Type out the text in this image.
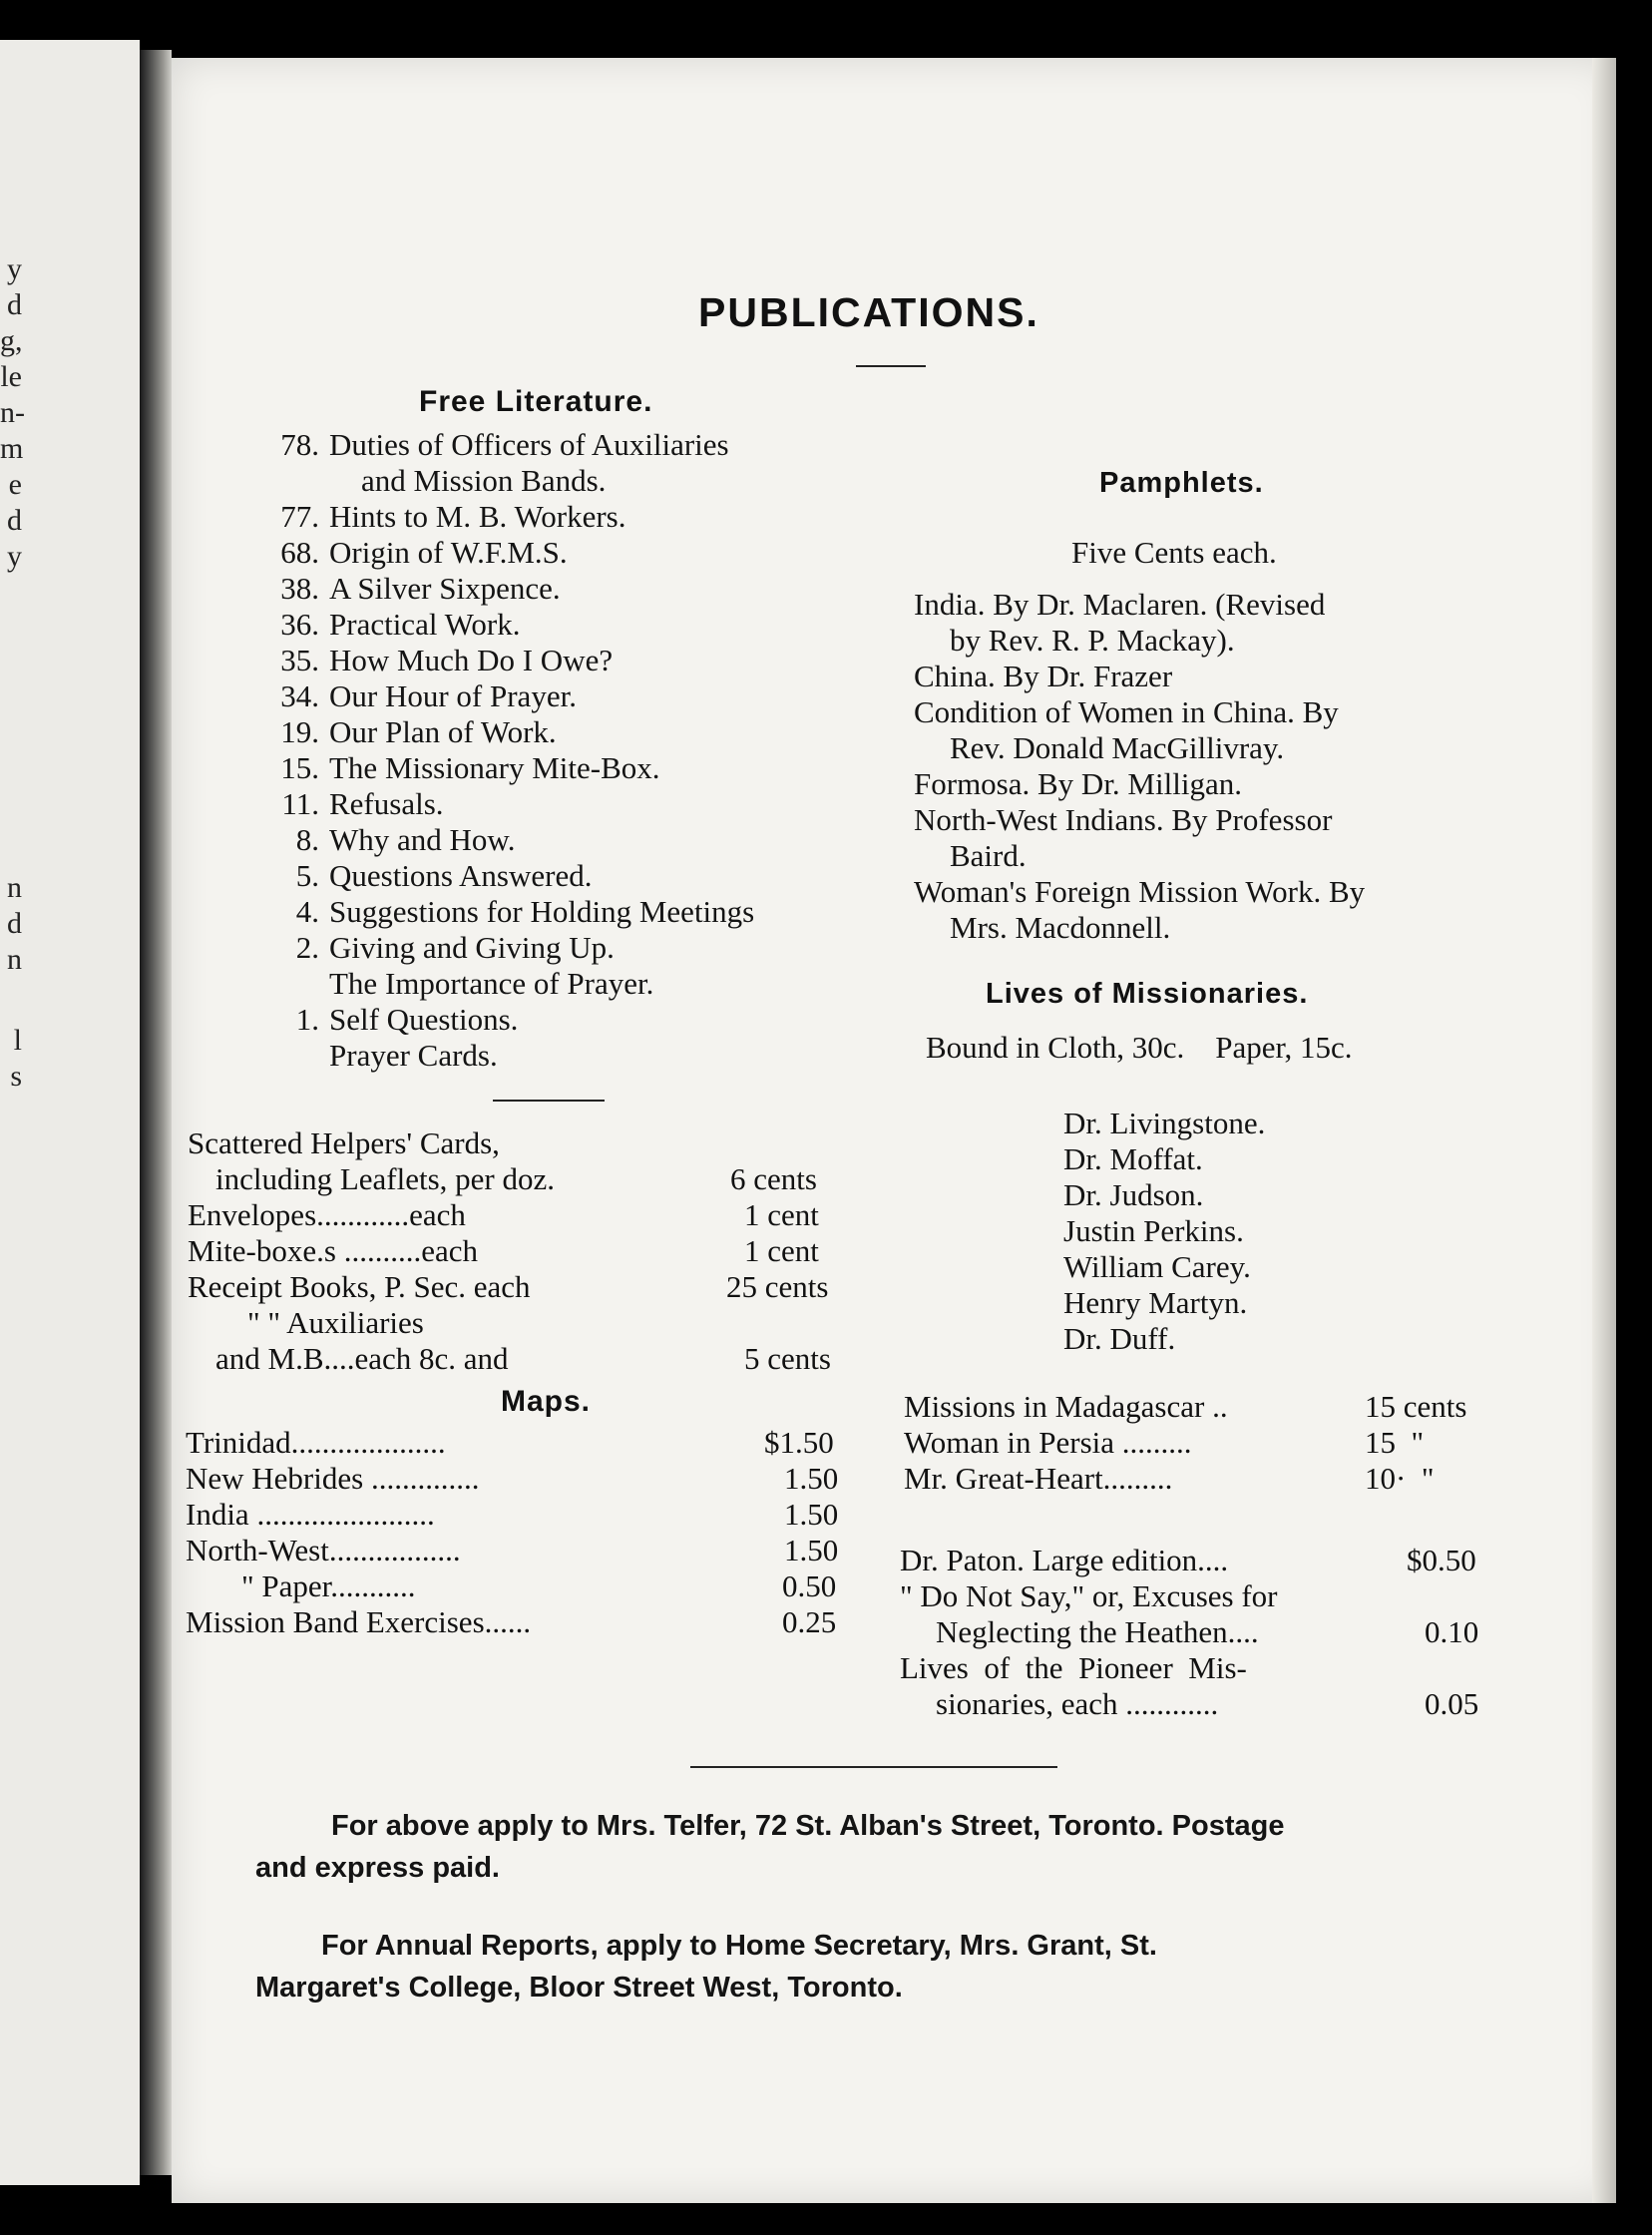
y
d
g,
le
n-
m
e
d
y
n
d
n
l
s
PUBLICATIONS.
Free Literature.
78. Duties of Officers of Auxiliaries
and Mission Bands.
77. Hints to M. B. Workers.
68. Origin of W.F.M.S.
38. A Silver Sixpence.
36. Practical Work.
35. How Much Do I Owe?
34. Our Hour of Prayer.
19. Our Plan of Work.
15. The Missionary Mite-Box.
11. Refusals.
8. Why and How.
5. Questions Answered.
4. Suggestions for Holding Meetings
2. Giving and Giving Up.
The Importance of Prayer.
1. Self Questions.
Prayer Cards.
Scattered Helpers' Cards,
including Leaflets, per doz.	6 cents
Envelopes............each	1 cent
Mite-boxe.s ..........each	1 cent
Receipt Books, P. Sec. each	25 cents
" " Auxiliaries
and M.B....each 8c. and	5 cents
Maps.
Trinidad....................	$1.50
New Hebrides ..............	1.50
India .......................	1.50
North-West.................	1.50
" Paper...........	0.50
Mission Band Exercises......	0.25
Pamphlets.
Five Cents each.
India. By Dr. Maclaren. (Revised
by Rev. R. P. Mackay).
China. By Dr. Frazer
Condition of Women in China. By
Rev. Donald MacGillivray.
Formosa. By Dr. Milligan.
North-West Indians. By Professor
Baird.
Woman's Foreign Mission Work. By
Mrs. Macdonnell.
Lives of Missionaries.
Bound in Cloth, 30c.    Paper, 15c.
Dr. Livingstone.
Dr. Moffat.
Dr. Judson.
Justin Perkins.
William Carey.
Henry Martyn.
Dr. Duff.
Missions in Madagascar ..	15 cents
Woman in Persia .........	15  "
Mr. Great-Heart.........	10·  "
Dr. Paton. Large edition....	$0.50
" Do Not Say," or, Excuses for
Neglecting the Heathen....	0.10
Lives  of  the  Pioneer  Mis-
sionaries, each ............	0.05
For above apply to Mrs. Telfer, 72 St. Alban's Street, Toronto. Postage
and express paid.
For Annual Reports, apply to Home Secretary, Mrs. Grant, St.
Margaret's College, Bloor Street West, Toronto.
